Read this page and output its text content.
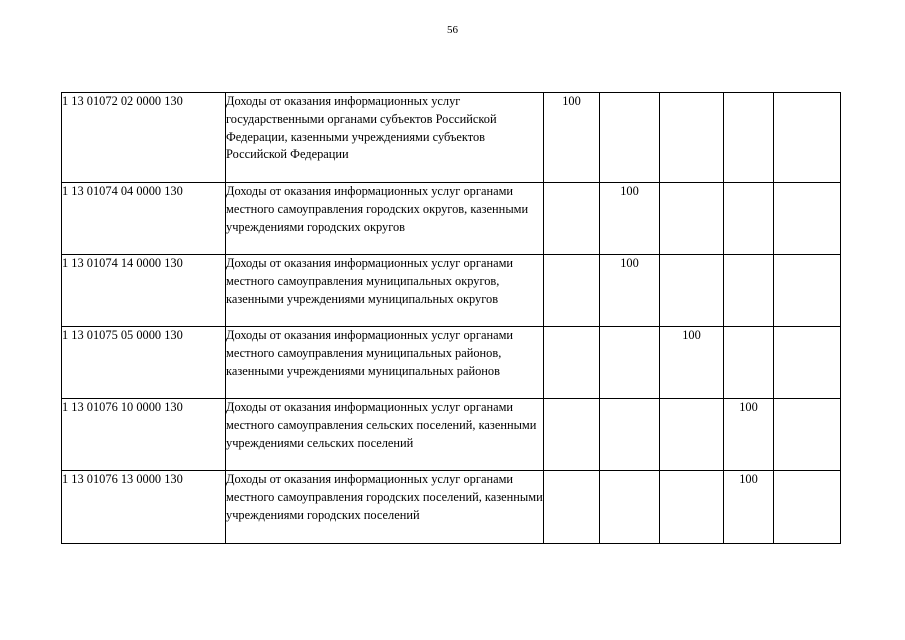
56
1 13 01072 02 0000 130	Доходы от оказания информационных услуг государственными органами субъектов Российской Федерации, казенными учреждениями субъектов Российской Федерации	100				
1 13 01074 04 0000 130	Доходы от оказания информационных услуг органами местного самоуправления городских округов, казенными учреждениями городских округов		100			
1 13 01074 14 0000 130	Доходы от оказания информационных услуг органами местного самоуправления муниципальных округов, казенными учреждениями муниципальных округов		100			
1 13 01075 05 0000 130	Доходы от оказания информационных услуг органами местного самоуправления муниципальных районов, казенными учреждениями муниципальных районов			100		
1 13 01076 10 0000 130	Доходы от оказания информационных услуг органами местного самоуправления сельских поселений, казенными учреждениями сельских поселений				100	
1 13 01076 13 0000 130	Доходы от оказания информационных услуг органами местного самоуправления городских поселений, казенными учреждениями городских поселений				100	
